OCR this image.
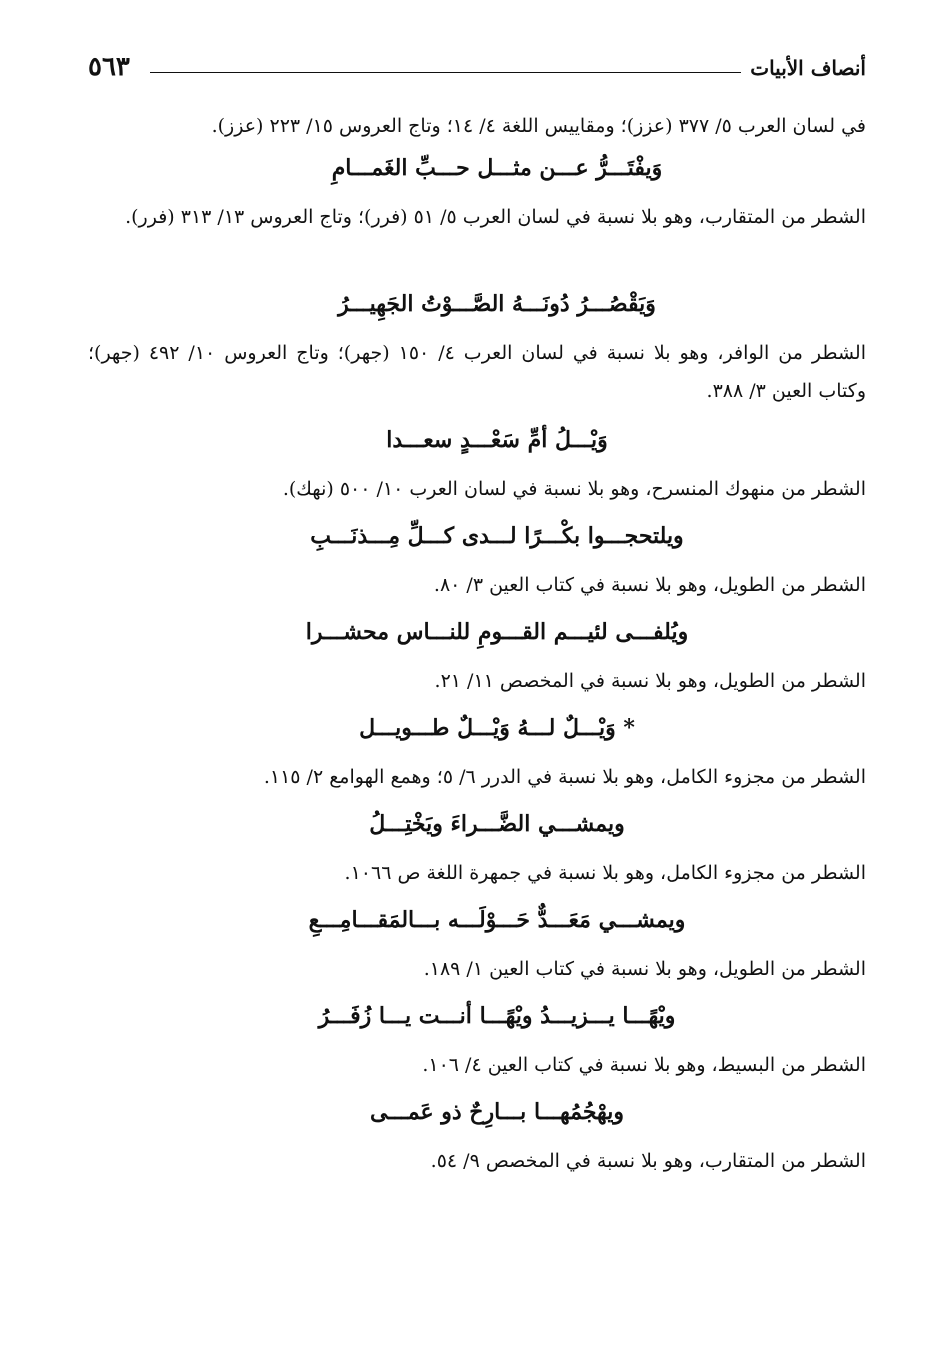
أنصاف الأبيات
٥٦٣
في لسان العرب ٥/ ٣٧٧ (عزز)؛ ومقاييس اللغة ٤/ ١٤؛ وتاج العروس ١٥/ ٢٢٣ (عزز).
وَيفْتَـــرُّ عـــن مثـــل حـــبِّ الغَمـــامِ
الشطر من المتقارب، وهو بلا نسبة في لسان العرب ٥/ ٥١ (فرر)؛ وتاج العروس ١٣/ ٣١٣ (فرر).
وَيَقْصُـــرُ دُونَـــهُ الصَّـــوْتُ الجَهِيـــرُ
الشطر من الوافر، وهو بلا نسبة في لسان العرب ٤/ ١٥٠ (جهر)؛ وتاج العروس ١٠/ ٤٩٢ (جهر)؛ وكتاب العين ٣/ ٣٨٨.
وَيْـــلُ أمِّ سَعْـــدٍ سعـــدا
الشطر من منهوك المنسرح، وهو بلا نسبة في لسان العرب ١٠/ ٥٠٠ (نهك).
ويلتحجـــوا بكْـــرًا لـــدى كـــلِّ مِـــذنَـــبِ
الشطر من الطويل، وهو بلا نسبة في كتاب العين ٣/ ٨٠.
ويُلفـــى لئيـــم القـــومِ للنـــاس محشـــرا
الشطر من الطويل، وهو بلا نسبة في المخصص ١١/ ٢١.
* وَيْـــلٌ لـــهُ وَيْـــلٌ طـــويـــل
الشطر من مجزوء الكامل، وهو بلا نسبة في الدرر ٦/ ٥؛ وهمع الهوامع ٢/ ١١٥.
ويمشـــي الضَّـــراءَ ويَخْتِـــلُ
الشطر من مجزوء الكامل، وهو بلا نسبة في جمهرة اللغة ص ١٠٦٦.
ويمشـــي مَعَـــدٌّ حَـــوْلَـــه بـــالمَقـــامِـــعِ
الشطر من الطويل، وهو بلا نسبة في كتاب العين ١/ ١٨٩.
ويْهًـــا يـــزيـــدُ ويْهًـــا أنـــت يـــا زُفَـــرُ
الشطر من البسيط، وهو بلا نسبة في كتاب العين ٤/ ١٠٦.
ويهْجُمُهـــا بـــارِحٌ ذو عَمـــى
الشطر من المتقارب، وهو بلا نسبة في المخصص ٩/ ٥٤.
